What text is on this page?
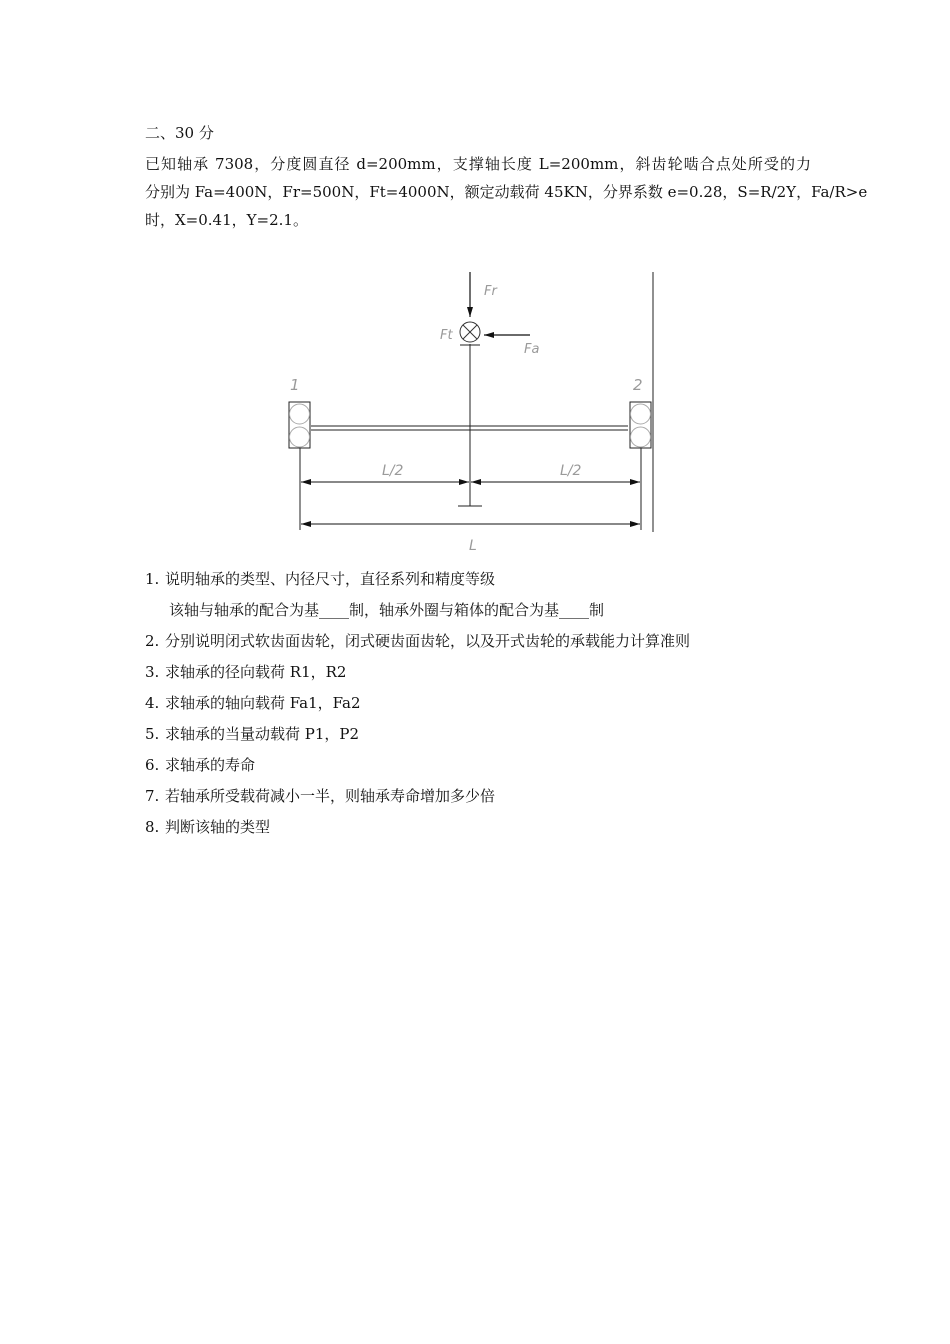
二、30 分
已知轴承 7308，分度圆直径 d=200mm，支撑轴长度 L=200mm，斜齿轮啮合点处所受的力
分别为 Fa=400N，Fr=500N，Ft=4000N，额定动载荷 45KN，分界系数 e=0.28，S=R/2Y，Fa/R>e
时，X=0.41，Y=2.1。
Fr
Ft
Fa
1	2
L/2	L/2
L
1. 说明轴承的类型、内径尺寸，直径系列和精度等级
该轴与轴承的配合为基____制，轴承外圈与箱体的配合为基____制
2. 分别说明闭式软齿面齿轮，闭式硬齿面齿轮，以及开式齿轮的承载能力计算准则
3. 求轴承的径向载荷 R1，R2
4. 求轴承的轴向载荷 Fa1，Fa2
5. 求轴承的当量动载荷 P1，P2
6. 求轴承的寿命
7. 若轴承所受载荷减小一半，则轴承寿命增加多少倍
8. 判断该轴的类型
